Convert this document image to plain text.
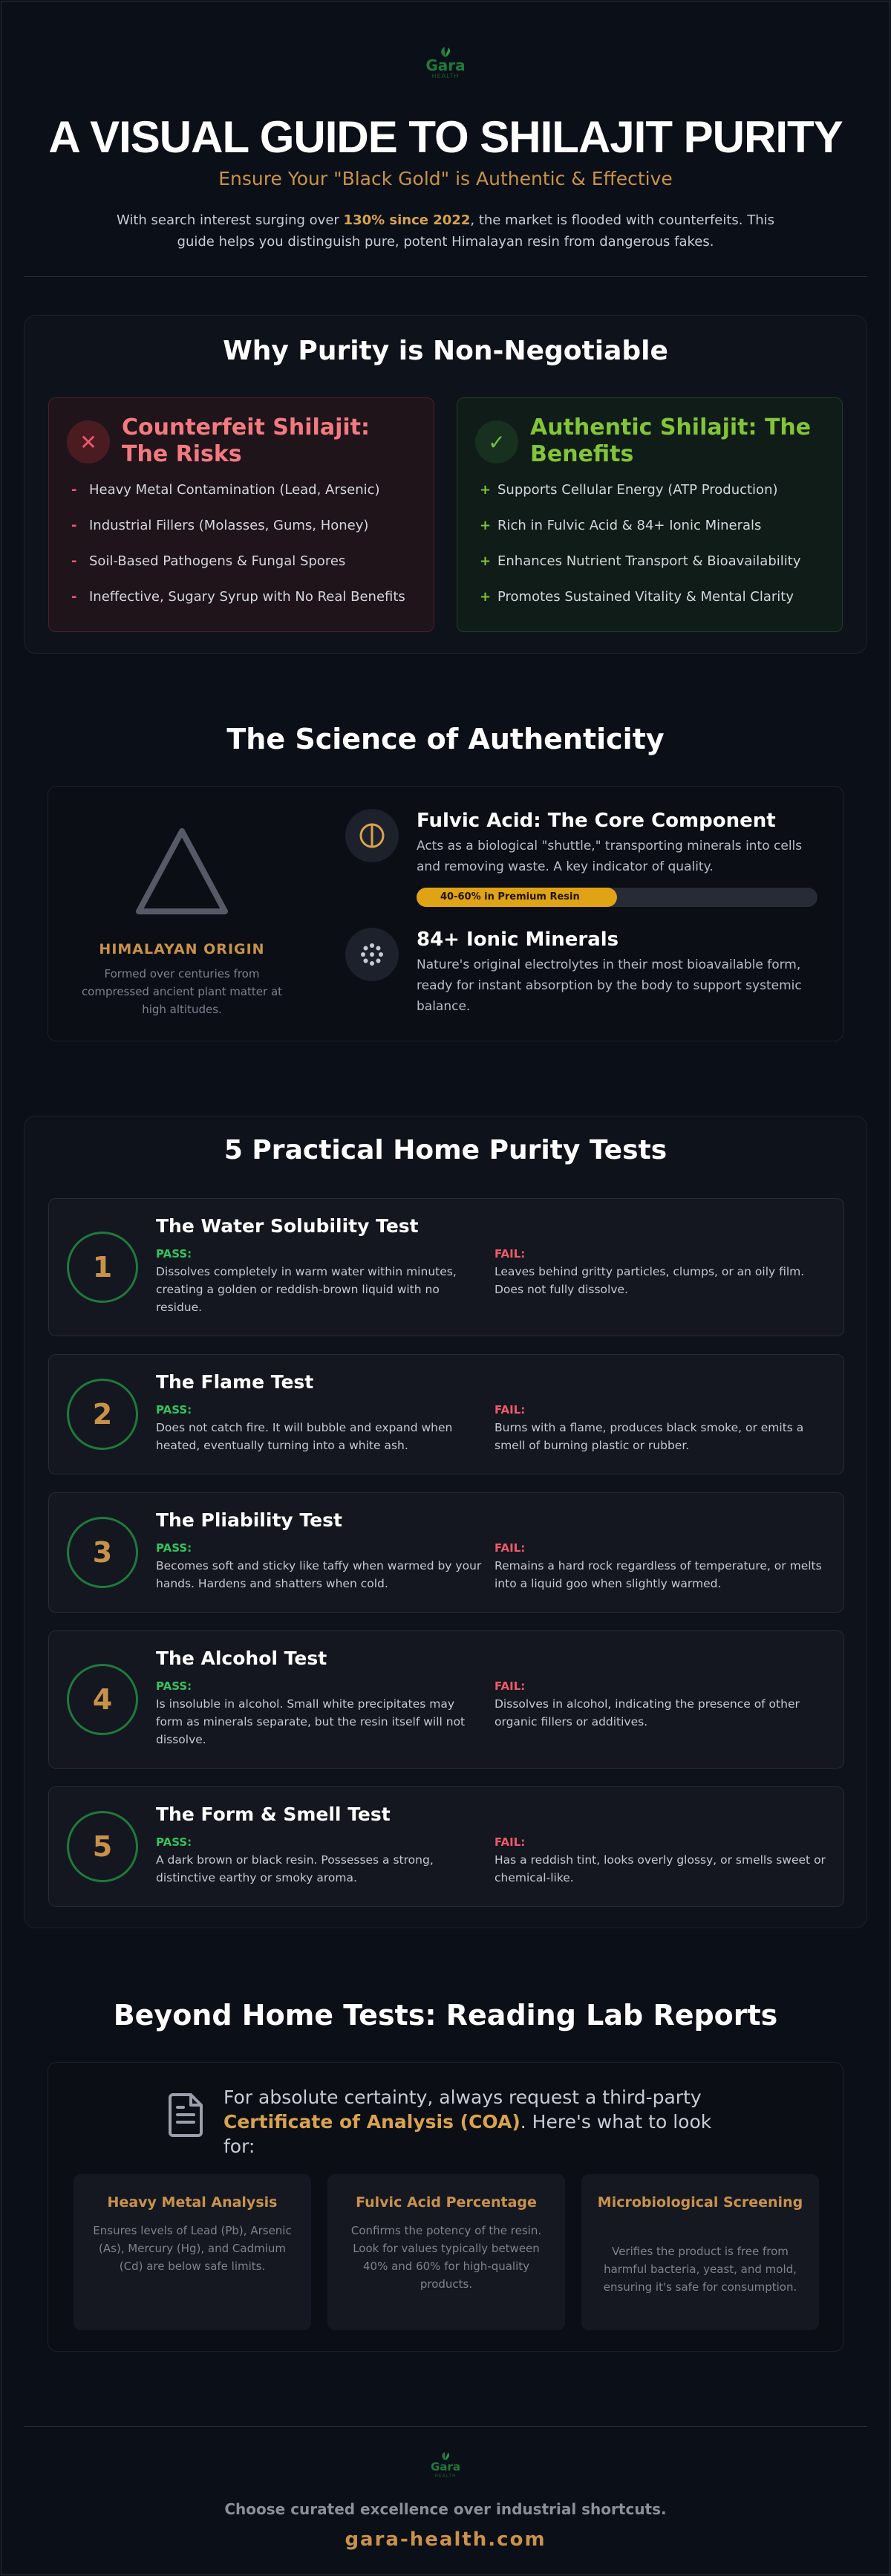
Gara
HEALTH
A VISUAL GUIDE TO SHILAJIT PURITY
Ensure Your "Black Gold" is Authentic & Effective
With search interest surging over 130% since 2022, the market is flooded with counterfeits. This guide helps you distinguish pure, potent Himalayan resin from dangerous fakes.
Why Purity is Non-Negotiable
✕
Counterfeit Shilajit: The Risks
- Heavy Metal Contamination (Lead, Arsenic)
- Industrial Fillers (Molasses, Gums, Honey)
- Soil-Based Pathogens & Fungal Spores
- Ineffective, Sugary Syrup with No Real Benefits
✓
Authentic Shilajit: The Benefits
+ Supports Cellular Energy (ATP Production)
+ Rich in Fulvic Acid & 84+ Ionic Minerals
+ Enhances Nutrient Transport & Bioavailability
+ Promotes Sustained Vitality & Mental Clarity
The Science of Authenticity
HIMALAYAN ORIGIN
Formed over centuries from compressed ancient plant matter at high altitudes.
Fulvic Acid: The Core Component
Acts as a biological "shuttle," transporting minerals into cells and removing waste. A key indicator of quality.
40-60% in Premium Resin
84+ Ionic Minerals
Nature's original electrolytes in their most bioavailable form, ready for instant absorption by the body to support systemic balance.
5 Practical Home Purity Tests
1
The Water Solubility Test
PASS:
Dissolves completely in warm water within minutes, creating a golden or reddish-brown liquid with no residue.
FAIL:
Leaves behind gritty particles, clumps, or an oily film. Does not fully dissolve.
2
The Flame Test
PASS:
Does not catch fire. It will bubble and expand when heated, eventually turning into a white ash.
FAIL:
Burns with a flame, produces black smoke, or emits a smell of burning plastic or rubber.
3
The Pliability Test
PASS:
Becomes soft and sticky like taffy when warmed by your hands. Hardens and shatters when cold.
FAIL:
Remains a hard rock regardless of temperature, or melts into a liquid goo when slightly warmed.
4
The Alcohol Test
PASS:
Is insoluble in alcohol. Small white precipitates may form as minerals separate, but the resin itself will not dissolve.
FAIL:
Dissolves in alcohol, indicating the presence of other organic fillers or additives.
5
The Form & Smell Test
PASS:
A dark brown or black resin. Possesses a strong, distinctive earthy or smoky aroma.
FAIL:
Has a reddish tint, looks overly glossy, or smells sweet or chemical-like.
Beyond Home Tests: Reading Lab Reports
For absolute certainty, always request a third-party Certificate of Analysis (COA). Here's what to look for:
Heavy Metal Analysis
Ensures levels of Lead (Pb), Arsenic (As), Mercury (Hg), and Cadmium (Cd) are below safe limits.
Fulvic Acid Percentage
Confirms the potency of the resin. Look for values typically between 40% and 60% for high-quality products.
Microbiological Screening
Verifies the product is free from harmful bacteria, yeast, and mold, ensuring it's safe for consumption.
Gara
HEALTH
Choose curated excellence over industrial shortcuts.
gara-health.com
